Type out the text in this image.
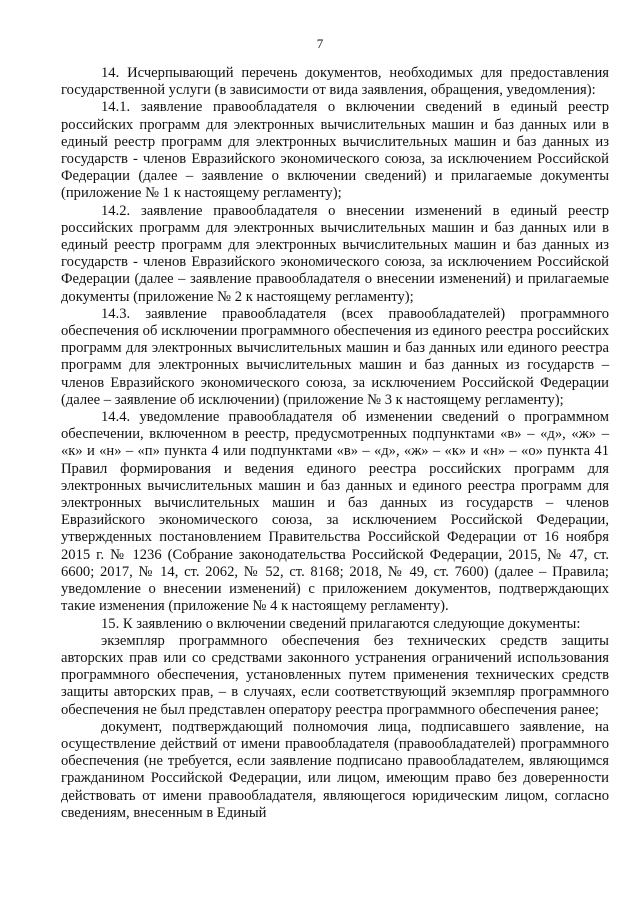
7

14. Исчерпывающий перечень документов, необходимых для предоставления государственной услуги (в зависимости от вида заявления, обращения, уведомления):

14.1. заявление правообладателя о включении сведений в единый реестр российских программ для электронных вычислительных машин и баз данных или в единый реестр программ для электронных вычислительных машин и баз данных из государств - членов Евразийского экономического союза, за исключением Российской Федерации (далее – заявление о включении сведений) и прилагаемые документы (приложение № 1 к настоящему регламенту);

14.2. заявление правообладателя о внесении изменений в единый реестр российских программ для электронных вычислительных машин и баз данных или в единый реестр программ для электронных вычислительных машин и баз данных из государств - членов Евразийского экономического союза, за исключением Российской Федерации (далее – заявление правообладателя о внесении изменений) и прилагаемые документы (приложение № 2 к настоящему регламенту);

14.3. заявление правообладателя (всех правообладателей) программного обеспечения об исключении программного обеспечения из единого реестра российских программ для электронных вычислительных машин и баз данных или единого реестра программ для электронных вычислительных машин и баз данных из государств – членов Евразийского экономического союза, за исключением Российской Федерации (далее – заявление об исключении) (приложение № 3 к настоящему регламенту);

14.4. уведомление правообладателя об изменении сведений о программном обеспечении, включенном в реестр, предусмотренных подпунктами «в» – «д», «ж» – «к» и «н» – «п» пункта 4 или подпунктами «в» – «д», «ж» – «к» и «н» – «о» пункта 41 Правил формирования и ведения единого реестра российских программ для электронных вычислительных машин и баз данных и единого реестра программ для электронных вычислительных машин и баз данных из государств – членов Евразийского экономического союза, за исключением Российской Федерации, утвержденных постановлением Правительства Российской Федерации от 16 ноября 2015 г. № 1236 (Собрание законодательства Российской Федерации, 2015, № 47, ст. 6600; 2017, № 14, ст. 2062, № 52, ст. 8168; 2018, № 49, ст. 7600) (далее – Правила; уведомление о внесении изменений) с приложением документов, подтверждающих такие изменения (приложение № 4 к настоящему регламенту).

15. К заявлению о включении сведений прилагаются следующие документы:

экземпляр программного обеспечения без технических средств защиты авторских прав или со средствами законного устранения ограничений использования программного обеспечения, установленных путем применения технических средств защиты авторских прав, – в случаях, если соответствующий экземпляр программного обеспечения не был представлен оператору реестра программного обеспечения ранее;

документ, подтверждающий полномочия лица, подписавшего заявление, на осуществление действий от имени правообладателя (правообладателей) программного обеспечения (не требуется, если заявление подписано правообладателем, являющимся гражданином Российской Федерации, или лицом, имеющим право без доверенности действовать от имени правообладателя, являющегося юридическим лицом, согласно сведениям, внесенным в Единый
